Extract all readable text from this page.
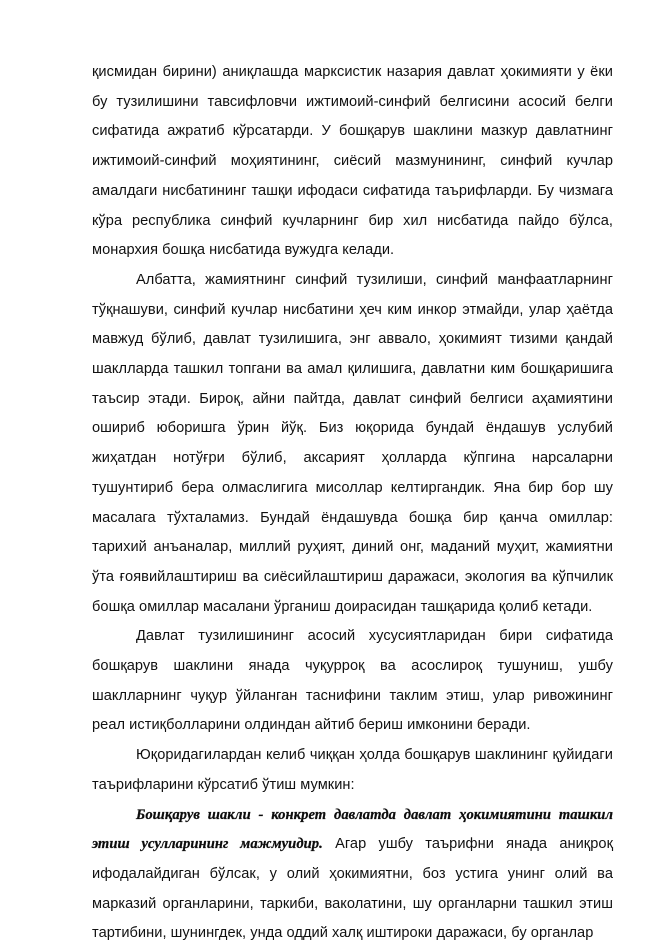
қисмидан бирини) аниқлашда марксистик назария давлат ҳокимияти у ёки бу тузилишини тавсифловчи ижтимоий-синфий белгисини асосий белги сифатида ажратиб кўрсатарди. У бошқарув шаклини мазкур давлатнинг ижтимоий-синфий моҳиятининг, сиёсий мазмунининг, синфий кучлар амалдаги нисбатининг ташқи ифодаси сифатида таърифларди. Бу чизмага кўра республика синфий кучларнинг бир хил нисбатида пайдо бўлса, монархия бошқа нисбатида вужудга келади.

Албатта, жамиятнинг синфий тузилиши, синфий манфаатларнинг тўқнашуви, синфий кучлар нисбатини ҳеч ким инкор этмайди, улар ҳаётда мавжуд бўлиб, давлат тузилишига, энг аввало, ҳокимият тизими қандай шаклларда ташкил топгани ва амал қилишига, давлатни ким бошқаришига таъсир этади. Бироқ, айни пайтда, давлат синфий белгиси аҳамиятини ошириб юборишга ўрин йўқ. Биз юқорида бундай ёндашув услубий жиҳатдан нотўғри бўлиб, аксарият ҳолларда кўпгина нарсаларни тушунтириб бера олмаслигига мисоллар келтиргандик. Яна бир бор шу масалага тўхталамиз. Бундай ёндашувда бошқа бир қанча омиллар: тарихий анъаналар, миллий руҳият, диний онг, маданий муҳит, жамиятни ўта ғоявийлаштириш ва сиёсийлаштириш даражаси, экология ва кўпчилик бошқа омиллар масалани ўрганиш доирасидан ташқарида қолиб кетади.

Давлат тузилишининг асосий хусусиятларидан бири сифатида бошқарув шаклини янада чуқурроқ ва асослироқ тушуниш, ушбу шаклларнинг чуқур ўйланган таснифини таклим этиш, улар ривожининг реал истиқболларини олдиндан айтиб бериш имконини беради.

Юқоридагилардан келиб чиққан ҳолда бошқарув шаклининг қуйидаги таърифларини кўрсатиб ўтиш мумкин:

Бошқарув шакли - конкрет давлатда давлат ҳокимиятини ташкил этиш усулларининг мажмуидир. Агар ушбу таърифни янада аниқроқ ифодалайдиган бўлсак, у олий ҳокимиятни, боз устига унинг олий ва марказий органларини, таркиби, ваколатини, шу органларни ташкил этиш тартибини, шунингдек, унда оддий халқ иштироки даражаси, бу органлар
